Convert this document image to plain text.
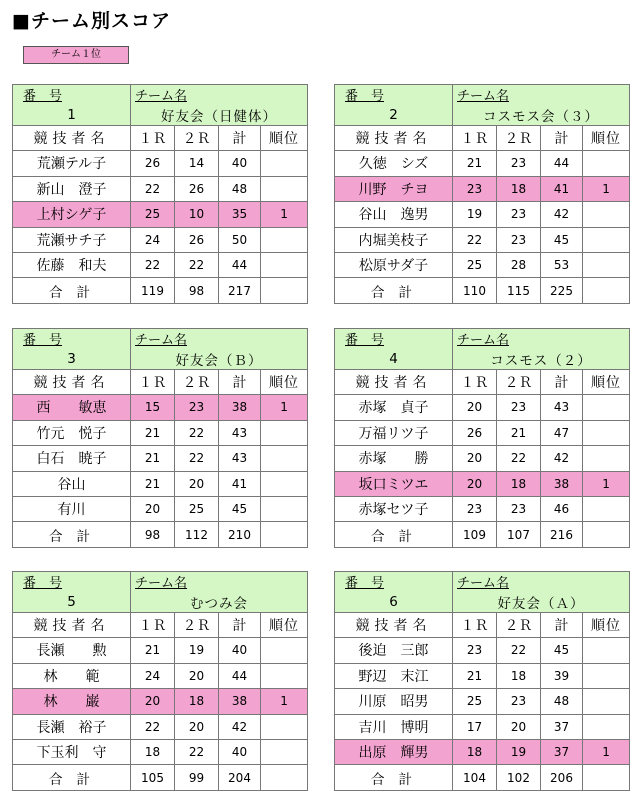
■チーム別スコア
チーム１位
番　号	チーム名			
1	好友会（日健体）			
競技者名	１Ｒ	２Ｒ	計	順位
荒瀬テル子	26	14	40	
新山　澄子	22	26	48	
上村シゲ子	25	10	35	1
荒瀬サチ子	24	26	50	
佐藤　和夫	22	22	44	
合計	119	98	217	
番　号	チーム名			
2	コスモス会（３）			
競技者名	１Ｒ	２Ｒ	計	順位
久徳　シズ	21	23	44	
川野　チヨ	23	18	41	1
谷山　逸男	19	23	42	
内堀美枝子	22	23	45	
松原サダ子	25	28	53	
合計	110	115	225	
番　号	チーム名			
3	好友会（Ｂ）			
競技者名	１Ｒ	２Ｒ	計	順位
西　　敏恵	15	23	38	1
竹元　悦子	21	22	43	
白石　暁子	21	22	43	
谷山	21	20	41	
有川	20	25	45	
合計	98	112	210	
番　号	チーム名			
4	コスモス（２）			
競技者名	１Ｒ	２Ｒ	計	順位
赤塚　貞子	20	23	43	
万福リツ子	26	21	47	
赤塚　　勝	20	22	42	
坂口ミツエ	20	18	38	1
赤塚セツ子	23	23	46	
合計	109	107	216	
番　号	チーム名			
5	むつみ会			
競技者名	１Ｒ	２Ｒ	計	順位
長瀬　　勲	21	19	40	
林　　範	24	20	44	
林　　巌	20	18	38	1
長瀬　裕子	22	20	42	
下玉利　守	18	22	40	
合計	105	99	204	
番　号	チーム名			
6	好友会（Ａ）			
競技者名	１Ｒ	２Ｒ	計	順位
後迫　三郎	23	22	45	
野辺　末江	21	18	39	
川原　昭男	25	23	48	
吉川　博明	17	20	37	
出原　輝男	18	19	37	1
合計	104	102	206	
